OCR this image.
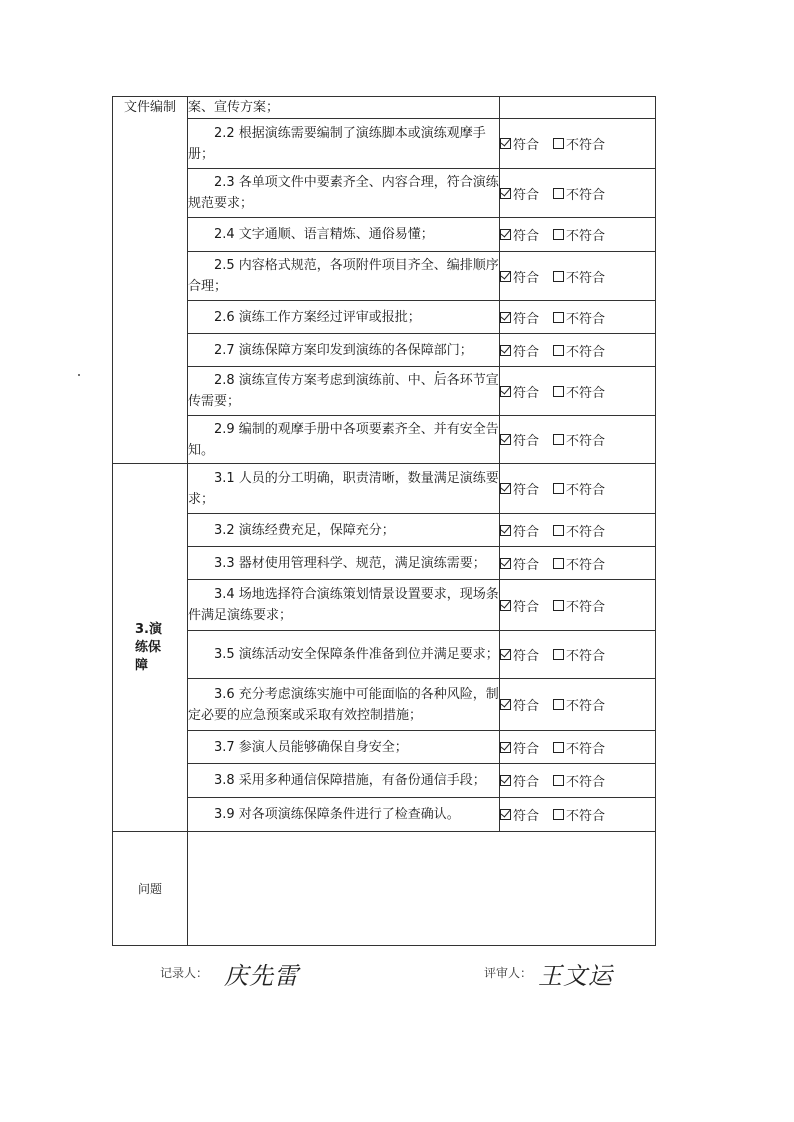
文件编制	案、宣传方案；	

	2.2 根据演练需要编制了演练脚本或演练观摩手册；	符合 不符合

	2.3 各单项文件中要素齐全、内容合理，符合演练规范要求；	符合 不符合

	2.4 文字通顺、语言精炼、通俗易懂；	符合 不符合

	2.5 内容格式规范，各项附件项目齐全、编排顺序合理；	符合 不符合

	2.6 演练工作方案经过评审或报批；	符合 不符合

	2.7 演练保障方案印发到演练的各保障部门；	符合 不符合

	2.8 演练宣传方案考虑到演练前、中、后各环节宣传需要；	符合 不符合

	2.9 编制的观摩手册中各项要素齐全、并有安全告知。	符合 不符合

3.演练保障	3.1 人员的分工明确，职责清晰，数量满足演练要求；	符合 不符合

	3.2 演练经费充足，保障充分；	符合 不符合

	3.3 器材使用管理科学、规范，满足演练需要；	符合 不符合

	3.4 场地选择符合演练策划情景设置要求，现场条件满足演练要求；	符合 不符合

	3.5 演练活动安全保障条件准备到位并满足要求；	符合 不符合

	3.6 充分考虑演练实施中可能面临的各种风险，制定必要的应急预案或采取有效控制措施；	符合 不符合

	3.7 参演人员能够确保自身安全；	符合 不符合

	3.8 采用多种通信保障措施，有备份通信手段；	符合 不符合

	3.9 对各项演练保障条件进行了检查确认。	符合 不符合

问题		
记录人： 庆先雷	评审人： 王文运
